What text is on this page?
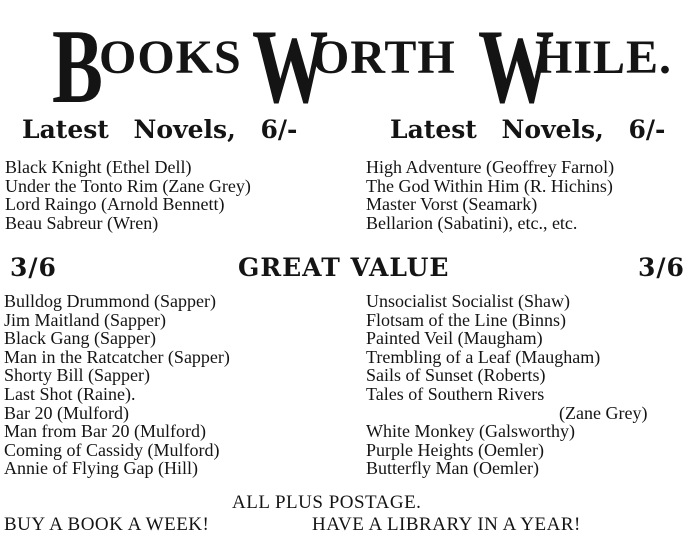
B
OOKS W
ORTH W
HILE.
Latest Novels, 6/-	Latest Novels, 6/-
Black Knight (Ethel Dell)
Under the Tonto Rim (Zane Grey)
Lord Raingo (Arnold Bennett)
Beau Sabreur (Wren)
High Adventure (Geoffrey Farnol)
The God Within Him (R. Hichins)
Master Vorst (Seamark)
Bellarion (Sabatini), etc., etc.
3/6	GREAT VALUE	3/6
Bulldog Drummond (Sapper)
Jim Maitland (Sapper)
Black Gang (Sapper)
Man in the Ratcatcher (Sapper)
Shorty Bill (Sapper)
Last Shot (Raine).
Bar 20 (Mulford)
Man from Bar 20 (Mulford)
Coming of Cassidy (Mulford)
Annie of Flying Gap (Hill)
Unsocialist Socialist (Shaw)
Flotsam of the Line (Binns)
Painted Veil (Maugham)
Trembling of a Leaf (Maugham)
Sails of Sunset (Roberts)
Tales of Southern Rivers
(Zane Grey)
White Monkey (Galsworthy)
Purple Heights (Oemler)
Butterfly Man (Oemler)
ALL PLUS POSTAGE.
BUY A BOOK A WEEK!	HAVE A LIBRARY IN A YEAR!
